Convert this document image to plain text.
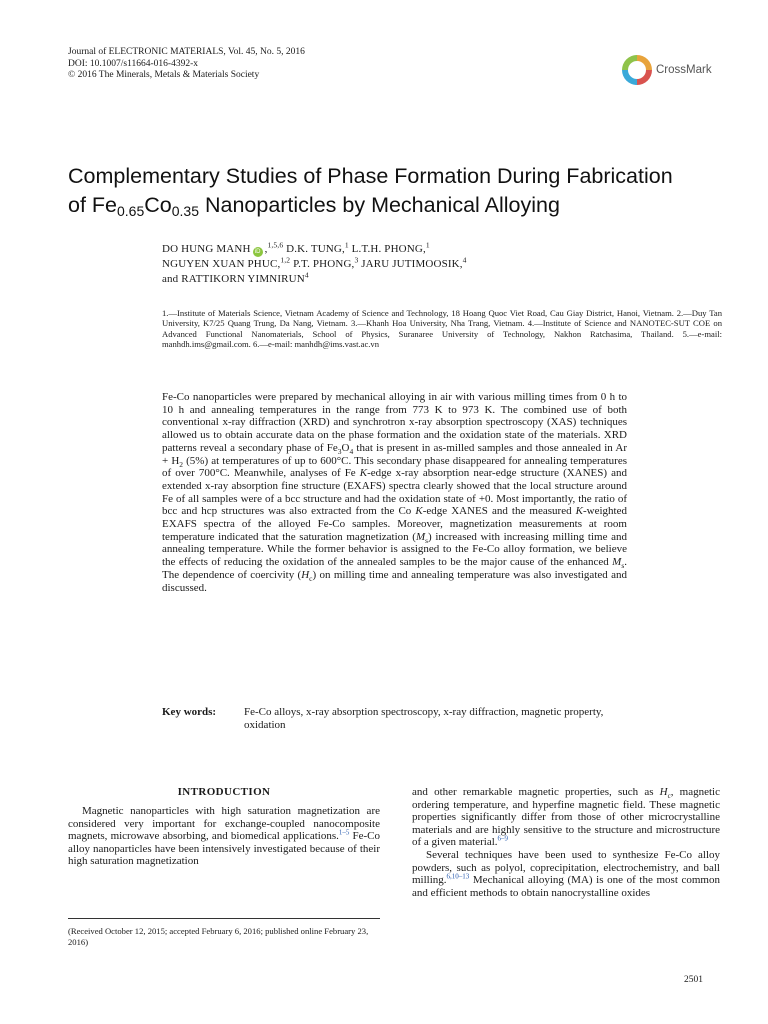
Journal of ELECTRONIC MATERIALS, Vol. 45, No. 5, 2016
DOI: 10.1007/s11664-016-4392-x
© 2016 The Minerals, Metals & Materials Society	CrossMark
Complementary Studies of Phase Formation During Fabrication
of $Fe_{0.65}Co_{0.35}$ Nanoparticles by Mechanical Alloying
DO HUNG MANH iD ,$^{1,5,6}$ D.K. TUNG,$^1$ L.T.H. PHONG,$^1$
NGUYEN XUAN PHUC,$^{1,2}$ P.T. PHONG,$^3$ JARU JUTIMOOSIK,$^4$
and RATTIKORN YIMNIRUN$^4$
1.—Institute of Materials Science, Vietnam Academy of Science and Technology, 18 Hoang Quoc Viet Road, Cau Giay District, Hanoi, Vietnam. 2.—Duy Tan University, K7/25 Quang Trung, Da Nang, Vietnam. 3.—Khanh Hoa University, Nha Trang, Vietnam. 4.—Institute of Science and NANOTEC-SUT COE on Advanced Functional Nanomaterials, School of Physics, Suranaree University of Technology, Nakhon Ratchasima, Thailand. 5.—e-mail: manhdh.ims@gmail.com. 6.—e-mail: manhdh@ims.vast.ac.vn
Fe-Co nanoparticles were prepared by mechanical alloying in air with various milling times from 0 h to 10 h and annealing temperatures in the range from 773 K to 973 K. The combined use of both conventional x-ray diffraction (XRD) and synchrotron x-ray absorption spectroscopy (XAS) techniques allowed us to obtain accurate data on the phase formation and the oxidation state of the materials. XRD patterns reveal a secondary phase of $Fe_3O_4$ that is present in as-milled samples and those annealed in $Ar + H_2$ (5%) at temperatures of up to 600°C. This secondary phase disappeared for annealing temperatures of over 700°C. Meanwhile, analyses of Fe K-edge x-ray absorption near-edge structure (XANES) and extended x-ray absorption fine structure (EXAFS) spectra clearly showed that the local structure around Fe of all samples were of a bcc structure and had the oxidation state of +0. Most importantly, the ratio of bcc and hcp structures was also extracted from the Co K-edge XANES and the measured K-weighted EXAFS spectra of the alloyed Fe-Co samples. Moreover, magnetization measurements at room temperature indicated that the saturation magnetization $(M_s)$ increased with increasing milling time and annealing temperature. While the former behavior is assigned to the Fe-Co alloy formation, we believe the effects of reducing the oxidation of the annealed samples to be the major cause of the enhanced $M_s$. The dependence of coercivity $(H_c)$ on milling time and annealing temperature was also investigated and discussed.
Key words:	Fe-Co alloys, x-ray absorption spectroscopy, x-ray diffraction, magnetic property, oxidation
INTRODUCTION
Magnetic nanoparticles with high saturation magnetization are considered very important for exchange-coupled nanocomposite magnets, microwave absorbing, and biomedical applications.$^{1-5}$ Fe-Co alloy nanoparticles have been intensively investigated because of their high saturation magnetization
and other remarkable magnetic properties, such as $H_c$, magnetic ordering temperature, and hyperfine magnetic field. These magnetic properties significantly differ from those of other microcrystalline materials and are highly sensitive to the structure and microstructure of a given material.$^{6-9}$
Several techniques have been used to synthesize Fe-Co alloy powders, such as polyol, coprecipitation, electrochemistry, and ball milling.$^{6,10-13}$ Mechanical alloying (MA) is one of the most common and efficient methods to obtain nanocrystalline oxides
(Received October 12, 2015; accepted February 6, 2016; published online February 23, 2016)
2501
